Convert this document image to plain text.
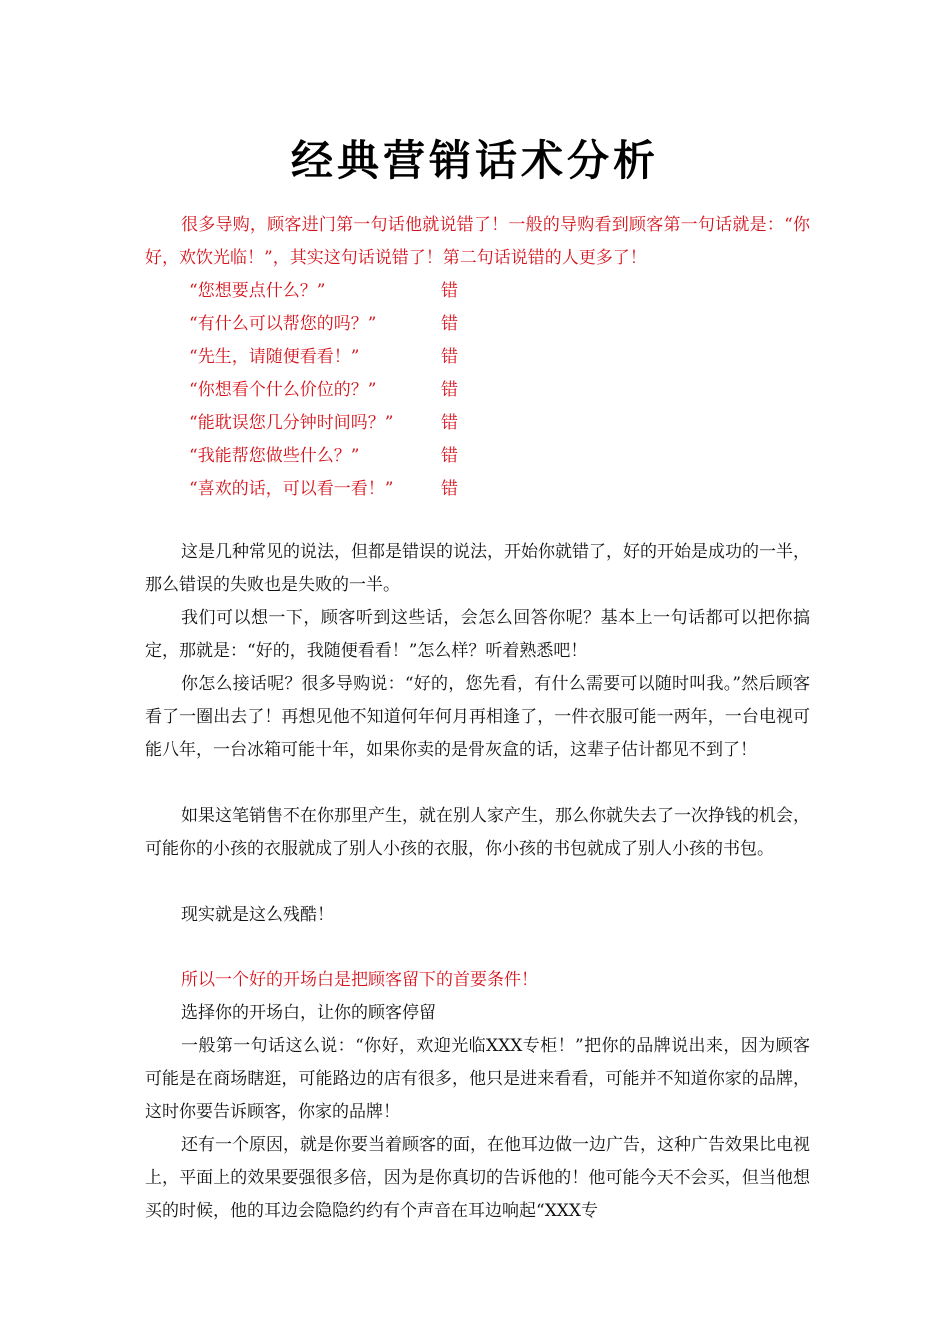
经典营销话术分析

很多导购，顾客进门第一句话他就说错了！一般的导购看到顾客第一句话就是：“你好，欢饮光临！”，其实这句话说错了！第二句话说错的人更多了！

“您想要点什么？”	错
“有什么可以帮您的吗？”	错
“先生，请随便看看！”	错
“你想看个什么价位的？”	错
“能耽误您几分钟时间吗？”	错
“我能帮您做些什么？”	错
“喜欢的话，可以看一看！”	错

这是几种常见的说法，但都是错误的说法，开始你就错了，好的开始是成功的一半，那么错误的失败也是失败的一半。

我们可以想一下，顾客听到这些话，会怎么回答你呢？基本上一句话都可以把你搞定，那就是：“好的，我随便看看！”怎么样？听着熟悉吧！

你怎么接话呢？很多导购说：“好的，您先看，有什么需要可以随时叫我。”然后顾客看了一圈出去了！再想见他不知道何年何月再相逢了，一件衣服可能一两年，一台电视可能八年，一台冰箱可能十年，如果你卖的是骨灰盒的话，这辈子估计都见不到了！

如果这笔销售不在你那里产生，就在别人家产生，那么你就失去了一次挣钱的机会，可能你的小孩的衣服就成了别人小孩的衣服，你小孩的书包就成了别人小孩的书包。

现实就是这么残酷！

所以一个好的开场白是把顾客留下的首要条件！

选择你的开场白，让你的顾客停留

一般第一句话这么说：“你好，欢迎光临XXX专柜！”把你的品牌说出来，因为顾客可能是在商场瞎逛，可能路边的店有很多，他只是进来看看，可能并不知道你家的品牌，这时你要告诉顾客，你家的品牌！

还有一个原因，就是你要当着顾客的面，在他耳边做一边广告，这种广告效果比电视上，平面上的效果要强很多倍，因为是你真切的告诉他的！他可能今天不会买，但当他想买的时候，他的耳边会隐隐约约有个声音在耳边响起“XXX专
